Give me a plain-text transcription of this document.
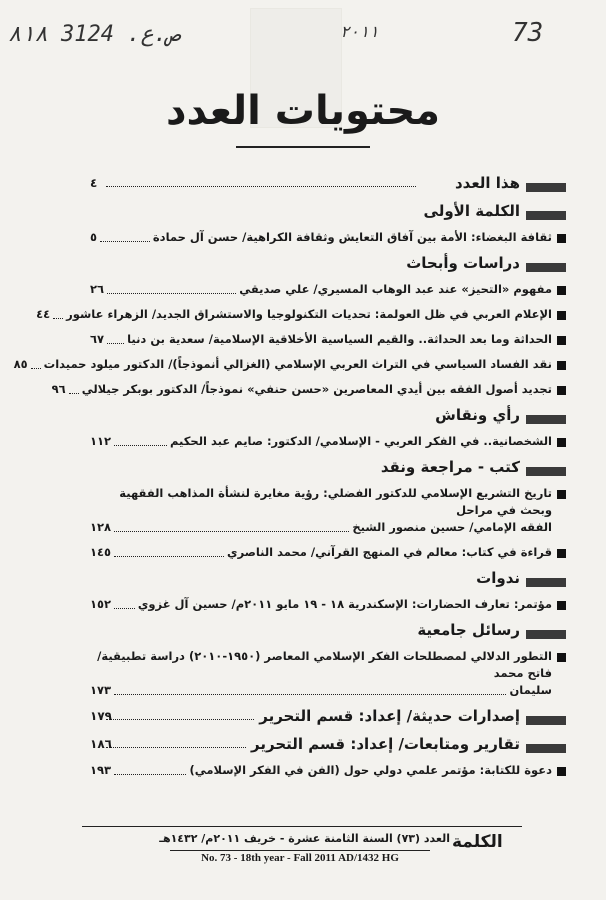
۸۱۸ ص.ع. 3124	٢٠١١	73
محتويات العدد
هذا العدد
٤
الكلمة الأولى
ثقافة البغضاء: الأمة بين آفاق التعايش وثقافة الكراهية/ حسن آل حمادة
٥
دراسات وأبحاث
مفهوم «التحيز» عند عبد الوهاب المسيري/ علي صديقي
٢٦
الإعلام العربي في ظل العولمة: تحديات التكنولوجيا والاستشراق الجديد/ الزهراء عاشور
٤٤
الحداثة وما بعد الحداثة.. والقيم السياسية الأخلاقية الإسلامية/ سعدية بن دنيا
٦٧
نقد الفساد السياسي في التراث العربي الإسلامي (الغزالي أنموذجاً)/ الدكتور ميلود حميدات
٨٥
تجديد أصول الفقه بين أيدي المعاصرين «حسن حنفي» نموذجاً/ الدكتور بوبكر جيلالي
٩٦
رأي ونقاش
الشخصانية.. في الفكر العربي - الإسلامي/ الدكتور: صايم عبد الحكيم
١١٢
كتب - مراجعة ونقد
تاريخ التشريع الإسلامي للدكتور الفضلي: رؤية مغايرة لنشأة المذاهب الفقهية وبحث في مراحل
الفقه الإمامي/ حسين منصور الشيخ
١٢٨
قراءة في كتاب: معالم في المنهج القرآني/ محمد الناصري
١٤٥
ندوات
مؤتمر: تعارف الحضارات: الإسكندرية ١٨ - ١٩ مايو ٢٠١١م/ حسين آل غزوي
١٥٢
رسائل جامعية
التطور الدلالي لمصطلحات الفكر الإسلامي المعاصر (١٩٥٠-٢٠١٠) دراسة تطبيقية/ فاتح محمد
سليمان
١٧٣
إصدارات حديثة/ إعداد: قسم التحرير
١٧٩
تقارير ومتابعات/ إعداد: قسم التحرير
١٨٦
دعوة للكتابة: مؤتمر علمي دولي حول (الفن في الفكر الإسلامي)
١٩٣
الكلمة
العدد (٧٣) السنة الثامنة عشرة - خريف ٢٠١١م/ ١٤٣٢هـ
No. 73 - 18th year - Fall 2011 AD/1432 HG
